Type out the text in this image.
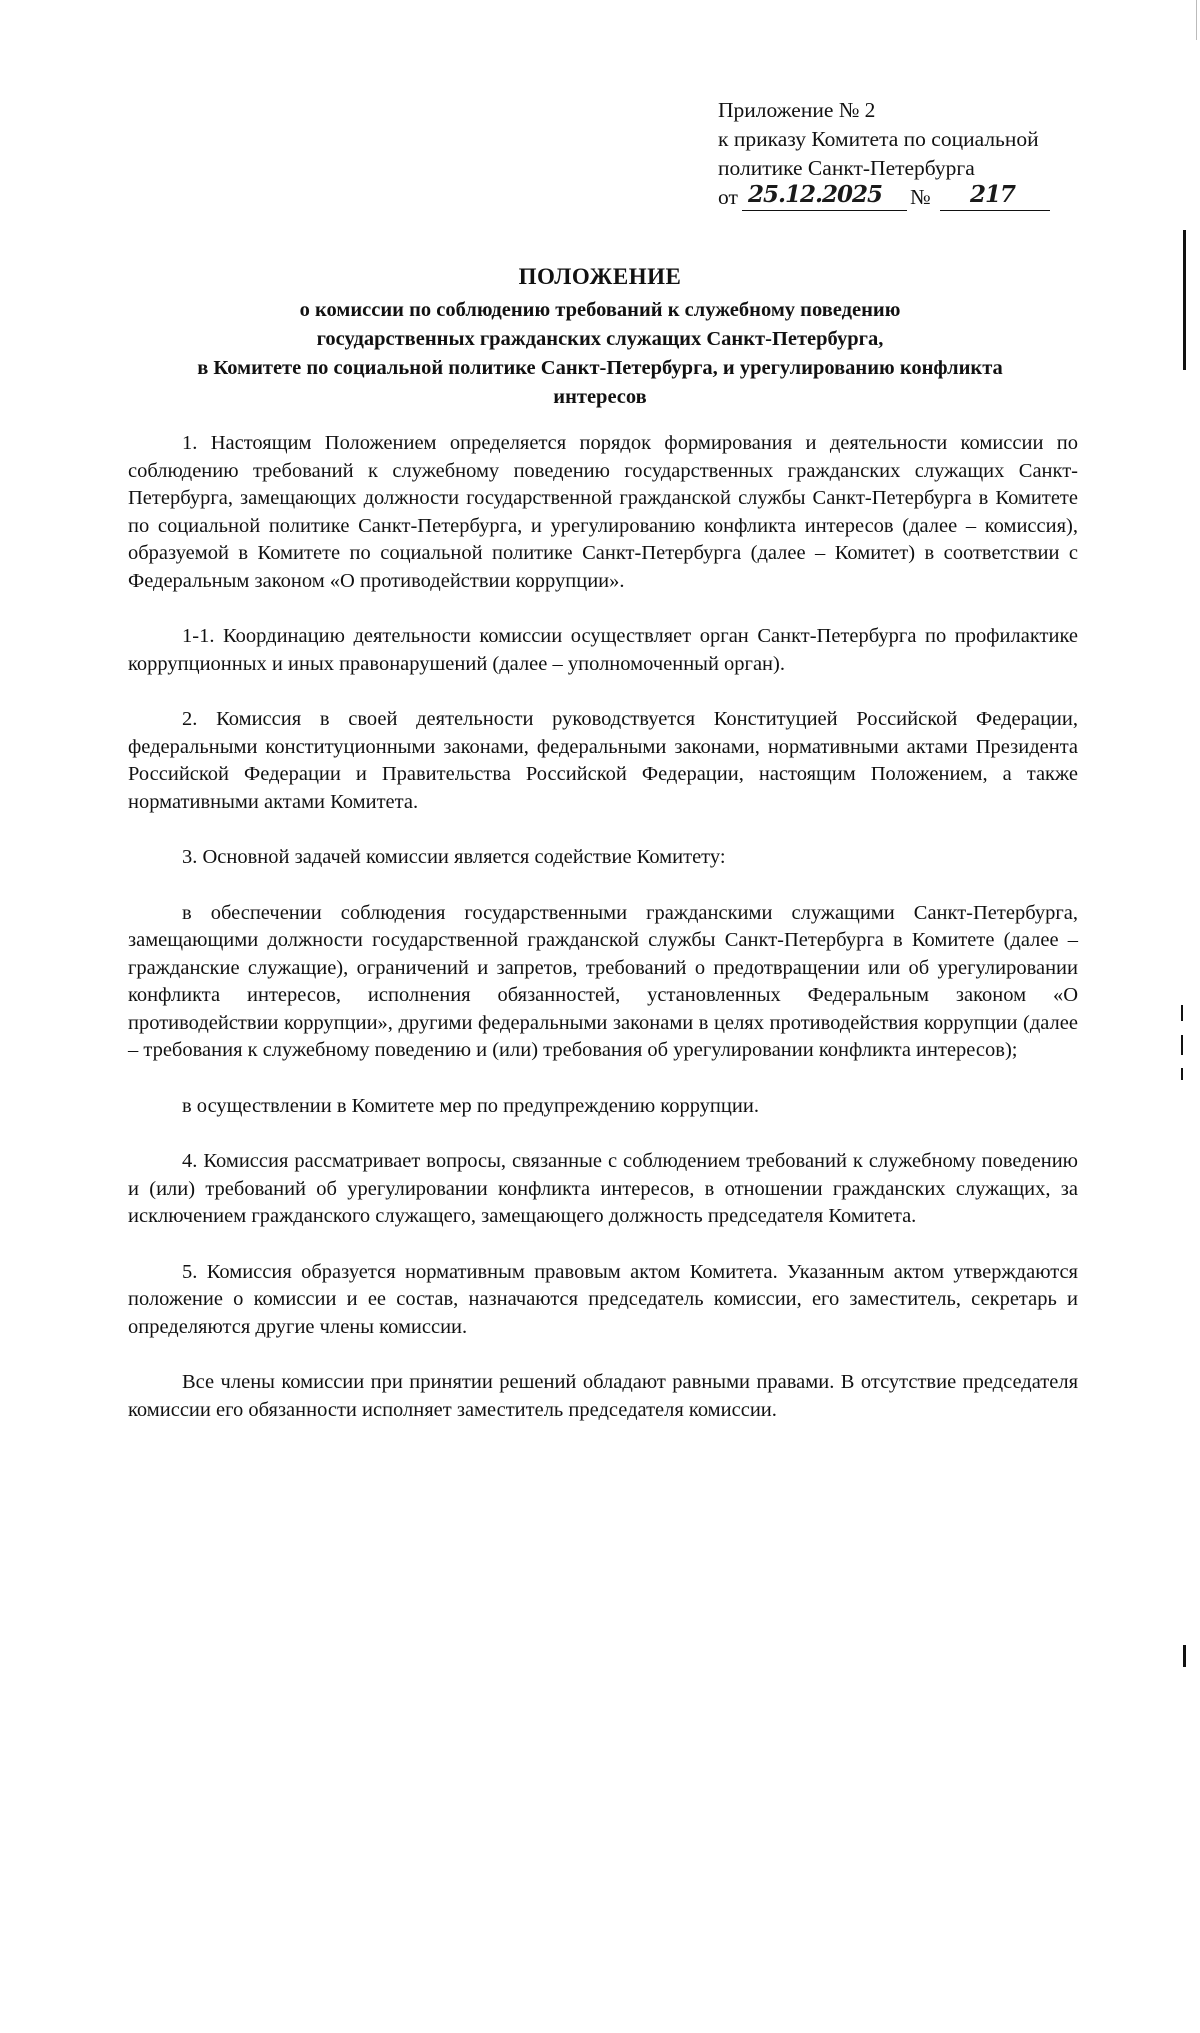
Приложение № 2
к приказу Комитета по социальной
политике Санкт-Петербурга
от 25.12.2025 № 217
ПОЛОЖЕНИЕ
о комиссии по соблюдению требований к служебному поведению
государственных гражданских служащих Санкт-Петербурга,
в Комитете по социальной политике Санкт-Петербурга, и урегулированию конфликта
интересов

1. Настоящим Положением определяется порядок формирования и деятельности комиссии по соблюдению требований к служебному поведению государственных гражданских служащих Санкт-Петербурга, замещающих должности государственной гражданской службы Санкт-Петербурга в Комитете по социальной политике Санкт-Петербурга, и урегулированию конфликта интересов (далее – комиссия), образуемой в Комитете по социальной политике Санкт-Петербурга (далее – Комитет) в соответствии с Федеральным законом «О противодействии коррупции».

1-1. Координацию деятельности комиссии осуществляет орган Санкт-Петербурга по профилактике коррупционных и иных правонарушений (далее – уполномоченный орган).

2. Комиссия в своей деятельности руководствуется Конституцией Российской Федерации, федеральными конституционными законами, федеральными законами, нормативными актами Президента Российской Федерации и Правительства Российской Федерации, настоящим Положением, а также нормативными актами Комитета.

3. Основной задачей комиссии является содействие Комитету:

в обеспечении соблюдения государственными гражданскими служащими Санкт-Петербурга, замещающими должности государственной гражданской службы Санкт-Петербурга в Комитете (далее – гражданские служащие), ограничений и запретов, требований о предотвращении или об урегулировании конфликта интересов, исполнения обязанностей, установленных Федеральным законом «О противодействии коррупции», другими федеральными законами в целях противодействия коррупции (далее – требования к служебному поведению и (или) требования об урегулировании конфликта интересов);

в осуществлении в Комитете мер по предупреждению коррупции.

4. Комиссия рассматривает вопросы, связанные с соблюдением требований к служебному поведению и (или) требований об урегулировании конфликта интересов, в отношении гражданских служащих, за исключением гражданского служащего, замещающего должность председателя Комитета.

5. Комиссия образуется нормативным правовым актом Комитета. Указанным актом утверждаются положение о комиссии и ее состав, назначаются председатель комиссии, его заместитель, секретарь и определяются другие члены комиссии.

Все члены комиссии при принятии решений обладают равными правами. В отсутствие председателя комиссии его обязанности исполняет заместитель председателя комиссии.
